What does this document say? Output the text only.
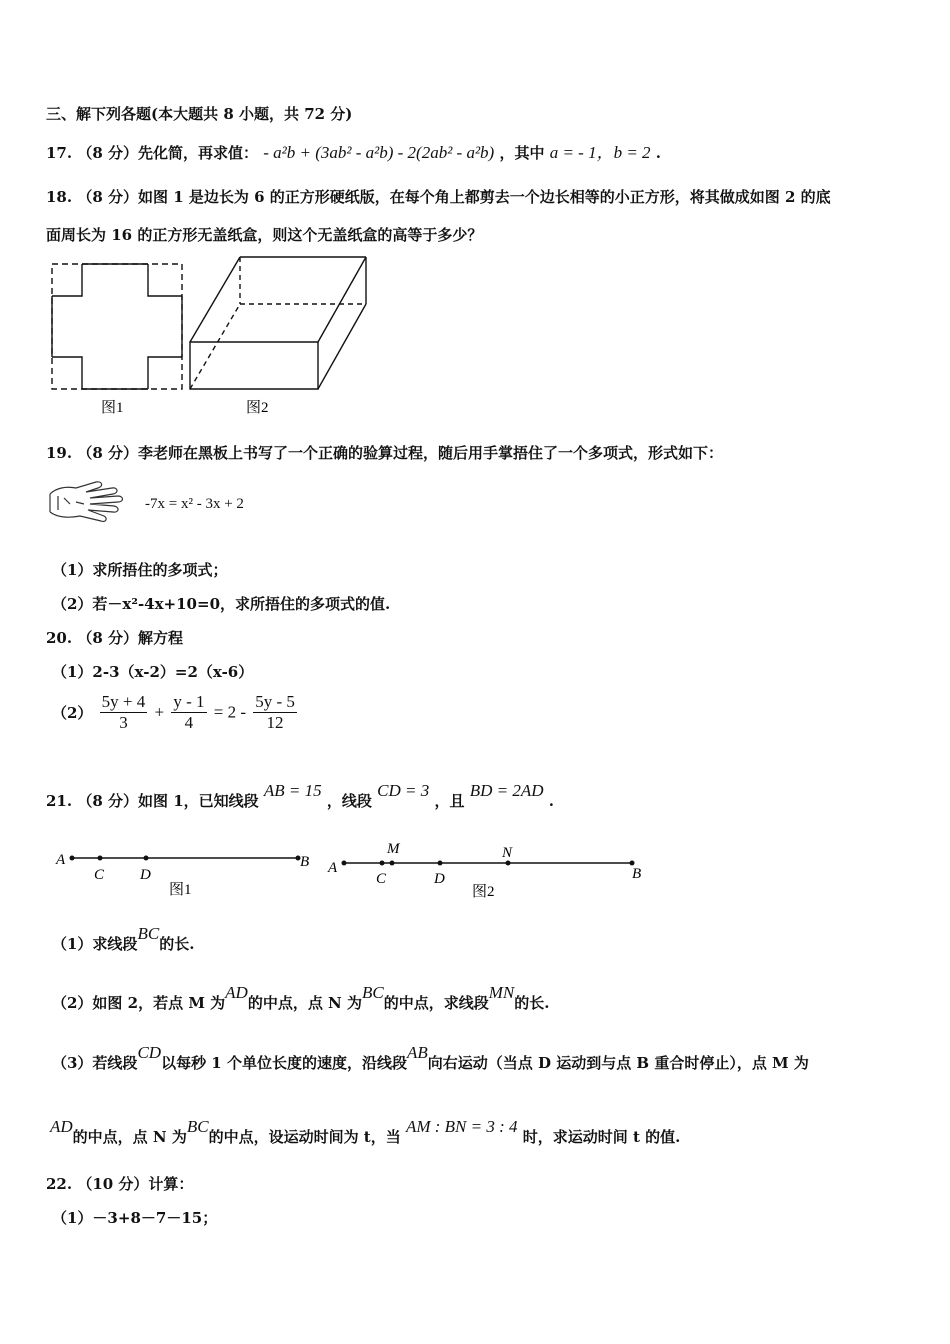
三、解下列各题(本大题共 8 小题，共 72 分)
17. （8 分）先化简，再求值： - a²b + (3ab² - a²b) - 2(2ab² - a²b) ，其中 a = - 1，b = 2 .
18. （8 分）如图 1 是边长为 6 的正方形硬纸版，在每个角上都剪去一个边长相等的小正方形，将其做成如图 2 的底
面周长为 16 的正方形无盖纸盒，则这个无盖纸盒的高等于多少？
图1	图2
19. （8 分）李老师在黑板上书写了一个正确的验算过程，随后用手掌捂住了一个多项式，形式如下：
-7x = x² - 3x + 2
（1）求所捂住的多项式；
（2）若－x²-4x+10=0，求所捂住的多项式的值.
20. （8 分）解方程
（1）2-3（x-2）=2（x-6）
$(2) \frac{5y + 4}{3} + \frac{y - 1}{4} = 2 - \frac{5y - 5}{12}$
21. （8 分）如图 1，已知线段 AB = 15 ，线段 CD = 3 ，且 BD = 2AD .
A
C D
B
图1
A
M
C	D
N
B
图2
（1）求线段BC的长.
（2）如图 2，若点 M 为AD的中点，点 N 为BC的中点，求线段MN的长.
（3）若线段CD以每秒 1 个单位长度的速度，沿线段AB向右运动（当点 D 运动到与点 B 重合时停止），点 M 为
AD的中点，点 N 为BC的中点，设运动时间为 t，当 AM : BN = 3 : 4 时，求运动时间 t 的值.
22. （10 分）计算：
（1）－3+8－7－15；
